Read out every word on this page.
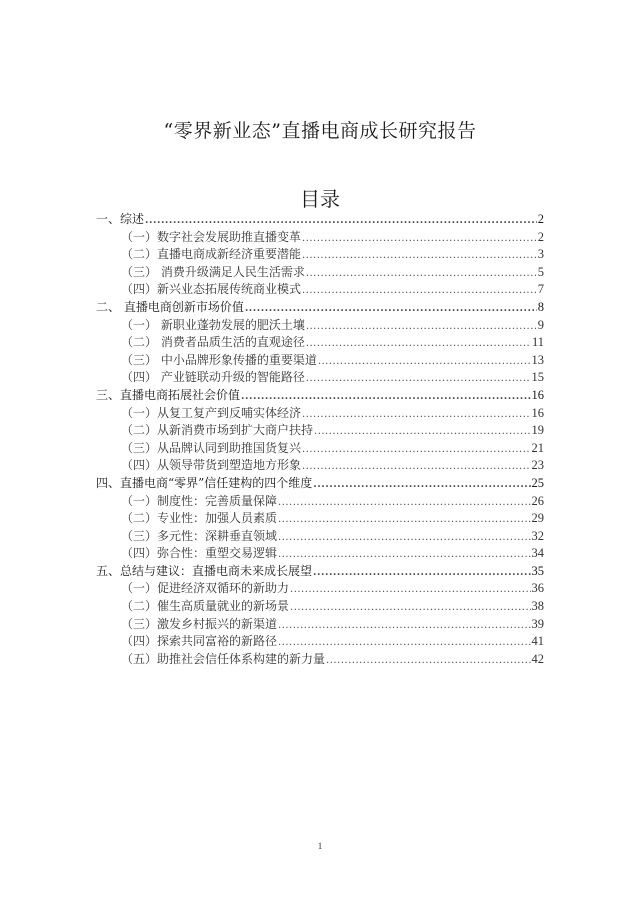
“零界新业态”直播电商成长研究报告
目录
一、综述 .....	2
（一）数字社会发展助推直播变革 .....	2
（二）直播电商成新经济重要潜能 .....	3
（三） 消费升级满足人民生活需求 .....	5
（四）新兴业态拓展传统商业模式 .....	7
二、 直播电商创新市场价值 .....	8
（一） 新职业蓬勃发展的肥沃土壤 .....	9
（二） 消费者品质生活的直观途径 .....	11
（三） 中小品牌形象传播的重要渠道 .....	13
（四） 产业链联动升级的智能路径 .....	15
三、直播电商拓展社会价值 .....	16
（一）从复工复产到反哺实体经济 .....	16
（二）从新消费市场到扩大商户扶持 .....	19
（三）从品牌认同到助推国货复兴 .....	21
（四）从领导带货到塑造地方形象 .....	23
四、直播电商“零界”信任建构的四个维度 .....	25
（一）制度性：完善质量保障 .....	26
（二）专业性：加强人员素质 .....	29
（三）多元性：深耕垂直领域 .....	32
（四）弥合性：重塑交易逻辑 .....	34
五、总结与建议：直播电商未来成长展望 .....	35
（一）促进经济双循环的新助力 .....	36
（二）催生高质量就业的新场景 .....	38
（三）激发乡村振兴的新渠道 .....	39
（四）探索共同富裕的新路径 .....	41
（五）助推社会信任体系构建的新力量 .....	42
1
